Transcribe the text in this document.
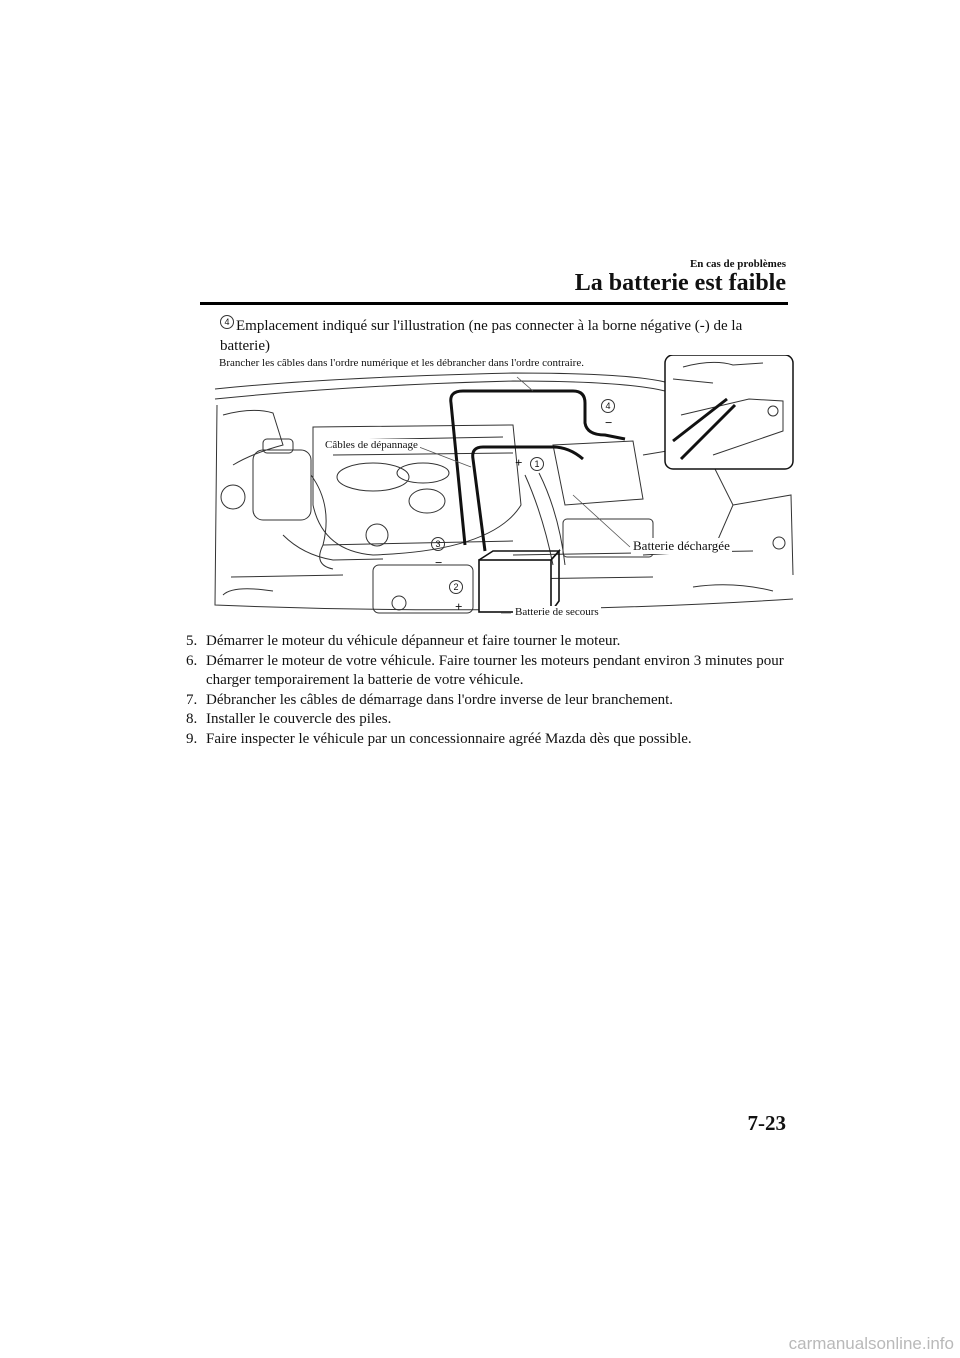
En cas de problèmes
La batterie est faible
4 Emplacement indiqué sur l'illustration (ne pas connecter à la borne négative (-) de la batterie)
Brancher les câbles dans l'ordre numérique et les débrancher dans l'ordre contraire.
Câbles de dépannage
Batterie déchargée
Batterie de secours
1
2
3
4
+
+
−
−
5. Démarrer le moteur du véhicule dépanneur et faire tourner le moteur.
6. Démarrer le moteur de votre véhicule. Faire tourner les moteurs pendant environ 3 minutes pour charger temporairement la batterie de votre véhicule.
7. Débrancher les câbles de démarrage dans l'ordre inverse de leur branchement.
8. Installer le couvercle des piles.
9. Faire inspecter le véhicule par un concessionnaire agréé Mazda dès que possible.
7-23
carmanualsonline.info
